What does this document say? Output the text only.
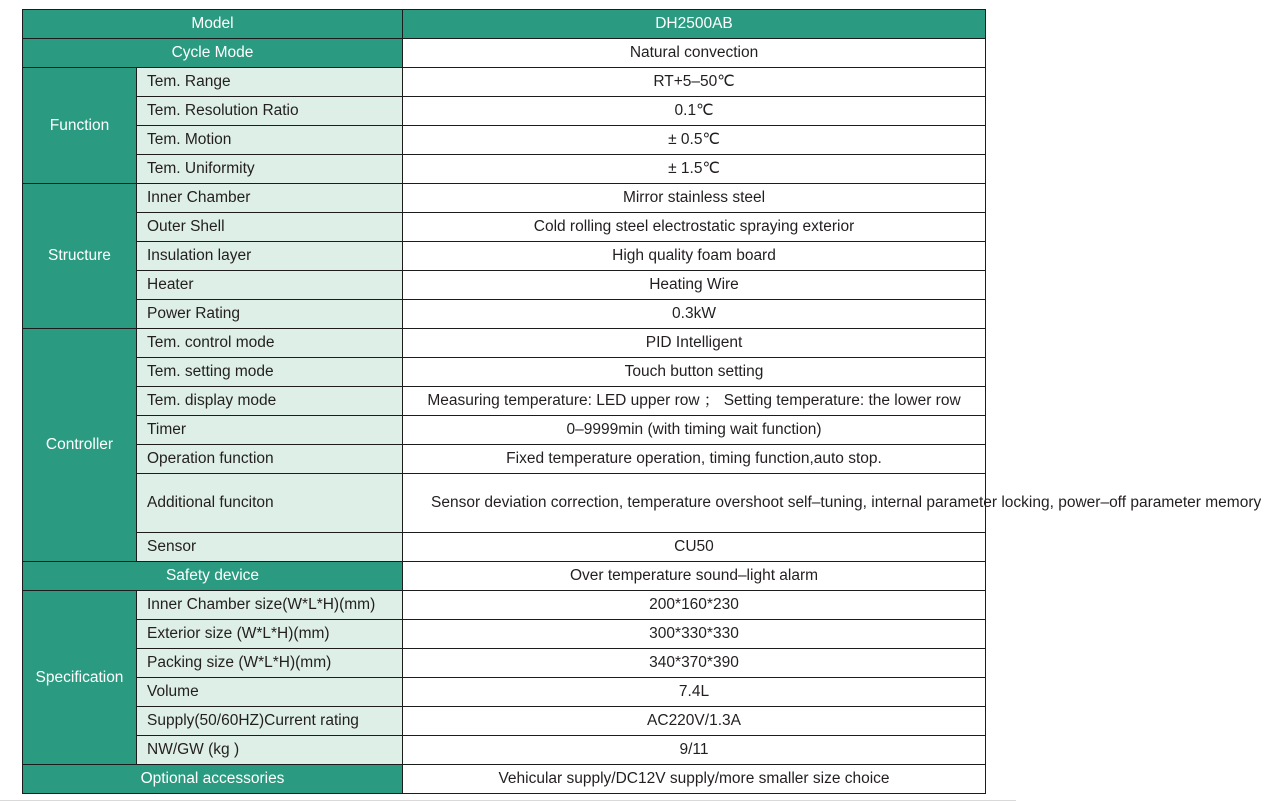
Model		DH2500AB
Cycle Mode		Natural convection
Function	Tem. Range	RT+5–50℃
	Tem. Resolution Ratio	0.1℃
	Tem. Motion	± 0.5℃
	Tem. Uniformity	± 1.5℃
Structure	Inner Chamber	Mirror stainless steel
	Outer Shell	Cold rolling steel electrostatic spraying exterior
	Insulation layer	High quality foam board
	Heater	Heating Wire
	Power Rating	0.3kW
Controller	Tem. control mode	PID Intelligent
	Tem. setting mode	Touch button setting
	Tem. display mode	Measuring temperature: LED upper row ； Setting temperature: the lower row
	Timer	0–9999min (with timing wait function)
	Operation function	Fixed temperature operation, timing function,auto stop.
	Additional funciton	Sensor deviation correction, temperature overshoot self–tuning, internal parameter locking, power–off parameter memory
	Sensor	CU50
Safety device		Over temperature sound–light alarm
Specification	Inner Chamber size(W*L*H)(mm)	200*160*230
	Exterior size (W*L*H)(mm)	300*330*330
	Packing size (W*L*H)(mm)	340*370*390
	Volume	7.4L
	Supply(50/60HZ)Current rating	AC220V/1.3A
	NW/GW (kg )	9/11
Optional accessories		Vehicular supply/DC12V supply/more smaller size choice
